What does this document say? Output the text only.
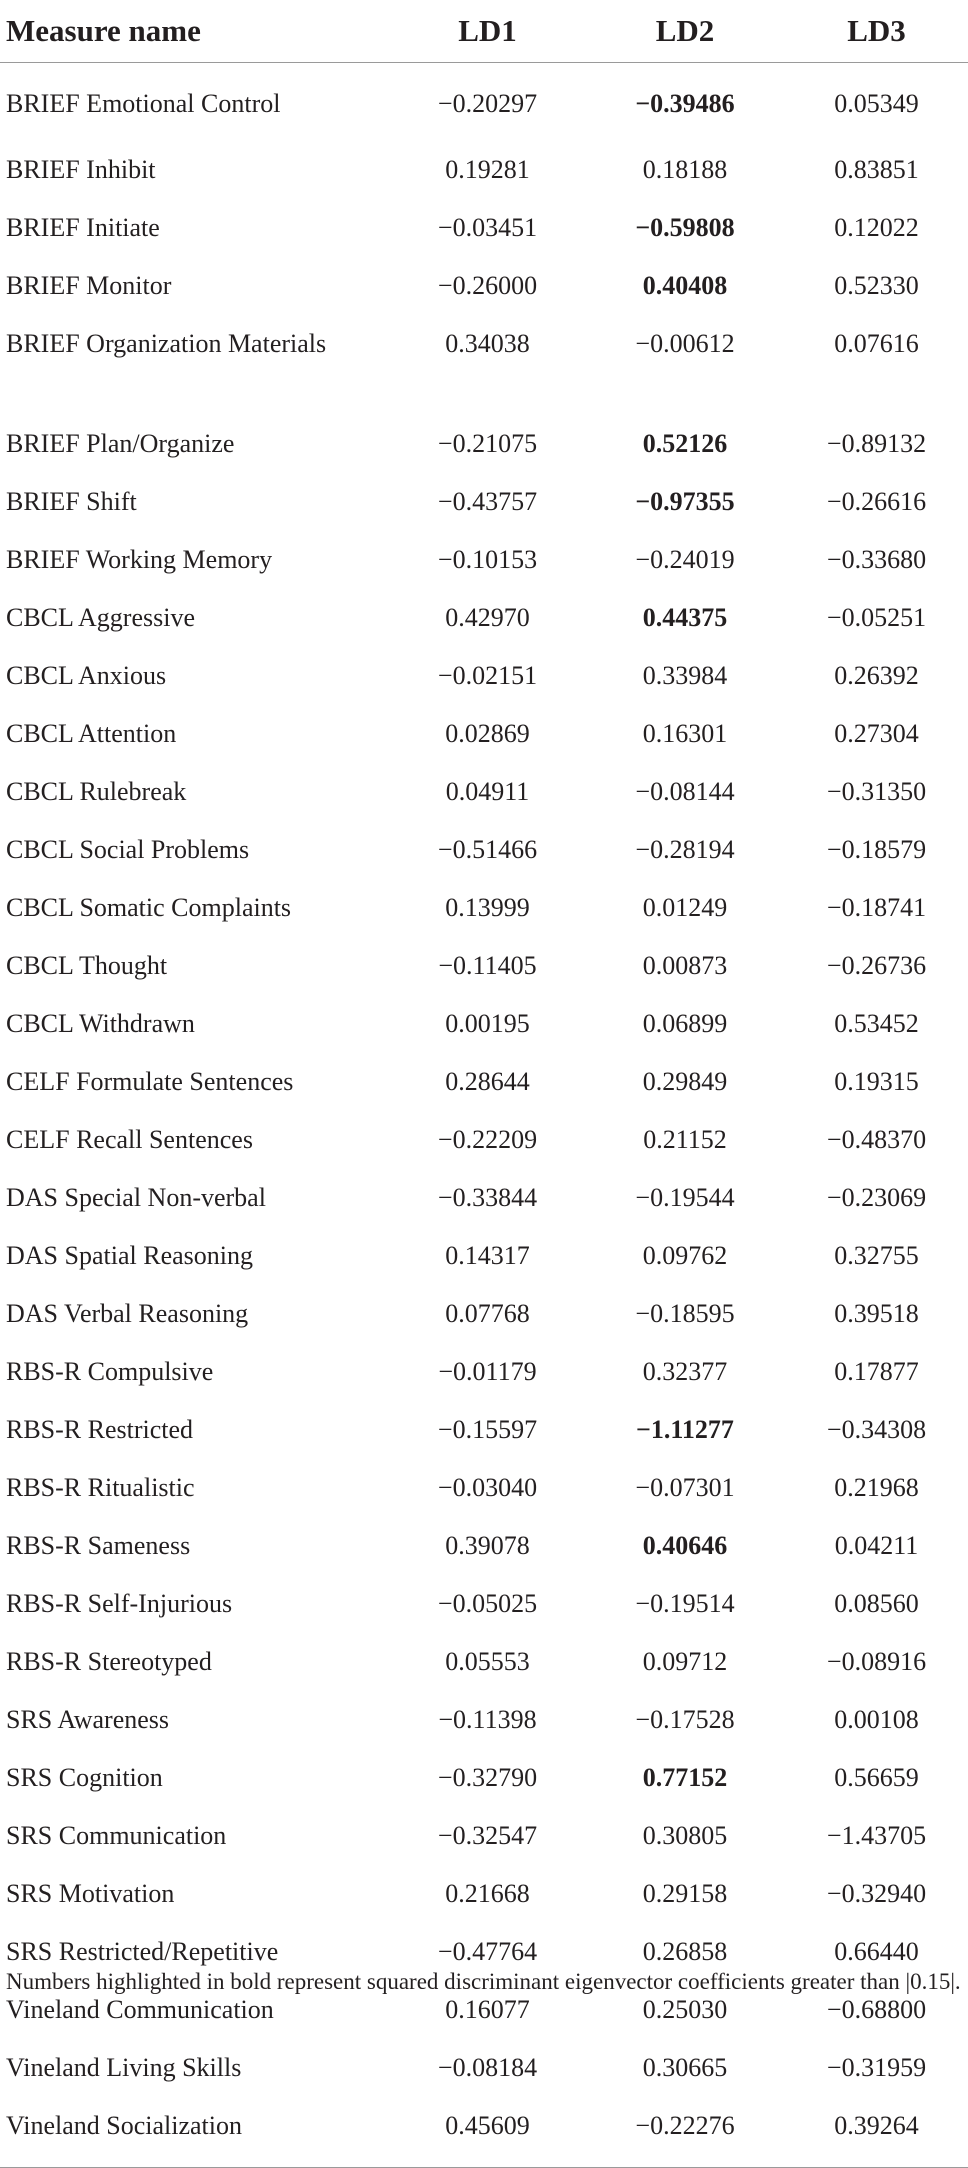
Measure name	LD1	LD2	LD3
BRIEF Emotional Control	−0.20297	−0.39486	0.05349
BRIEF Inhibit	0.19281	0.18188	0.83851
BRIEF Initiate	−0.03451	−0.59808	0.12022
BRIEF Monitor	−0.26000	0.40408	0.52330
BRIEF Organization Materials	0.34038	−0.00612	0.07616
BRIEF Plan/Organize	−0.21075	0.52126	−0.89132
BRIEF Shift	−0.43757	−0.97355	−0.26616
BRIEF Working Memory	−0.10153	−0.24019	−0.33680
CBCL Aggressive	0.42970	0.44375	−0.05251
CBCL Anxious	−0.02151	0.33984	0.26392
CBCL Attention	0.02869	0.16301	0.27304
CBCL Rulebreak	0.04911	−0.08144	−0.31350
CBCL Social Problems	−0.51466	−0.28194	−0.18579
CBCL Somatic Complaints	0.13999	0.01249	−0.18741
CBCL Thought	−0.11405	0.00873	−0.26736
CBCL Withdrawn	0.00195	0.06899	0.53452
CELF Formulate Sentences	0.28644	0.29849	0.19315
CELF Recall Sentences	−0.22209	0.21152	−0.48370
DAS Special Non-verbal	−0.33844	−0.19544	−0.23069
DAS Spatial Reasoning	0.14317	0.09762	0.32755
DAS Verbal Reasoning	0.07768	−0.18595	0.39518
RBS-R Compulsive	−0.01179	0.32377	0.17877
RBS-R Restricted	−0.15597	−1.11277	−0.34308
RBS-R Ritualistic	−0.03040	−0.07301	0.21968
RBS-R Sameness	0.39078	0.40646	0.04211
RBS-R Self-Injurious	−0.05025	−0.19514	0.08560
RBS-R Stereotyped	0.05553	0.09712	−0.08916
SRS Awareness	−0.11398	−0.17528	0.00108
SRS Cognition	−0.32790	0.77152	0.56659
SRS Communication	−0.32547	0.30805	−1.43705
SRS Motivation	0.21668	0.29158	−0.32940
SRS Restricted/Repetitive	−0.47764	0.26858	0.66440
Vineland Communication	0.16077	0.25030	−0.68800
Vineland Living Skills	−0.08184	0.30665	−0.31959
Vineland Socialization	0.45609	−0.22276	0.39264
Numbers highlighted in bold represent squared discriminant eigenvector coefficients greater than |0.15|.
